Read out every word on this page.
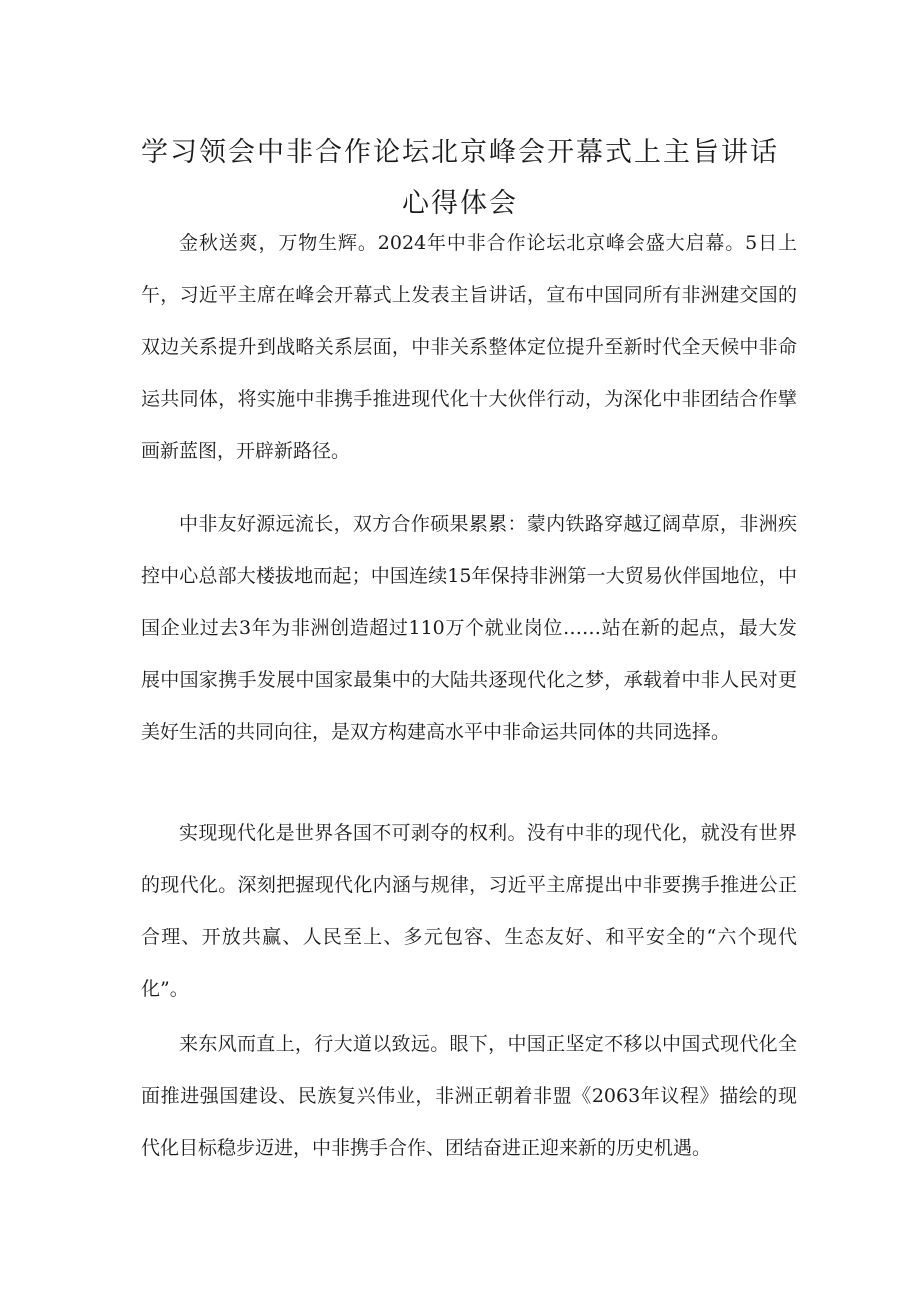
学习领会中非合作论坛北京峰会开幕式上主旨讲话
心得体会

金秋送爽，万物生辉。2024年中非合作论坛北京峰会盛大启幕。5日上午，习近平主席在峰会开幕式上发表主旨讲话，宣布中国同所有非洲建交国的双边关系提升到战略关系层面，中非关系整体定位提升至新时代全天候中非命运共同体，将实施中非携手推进现代化十大伙伴行动，为深化中非团结合作擘画新蓝图，开辟新路径。

中非友好源远流长，双方合作硕果累累：蒙内铁路穿越辽阔草原，非洲疾控中心总部大楼拔地而起；中国连续15年保持非洲第一大贸易伙伴国地位，中国企业过去3年为非洲创造超过110万个就业岗位……站在新的起点，最大发展中国家携手发展中国家最集中的大陆共逐现代化之梦，承载着中非人民对更美好生活的共同向往，是双方构建高水平中非命运共同体的共同选择。

实现现代化是世界各国不可剥夺的权利。没有中非的现代化，就没有世界的现代化。深刻把握现代化内涵与规律，习近平主席提出中非要携手推进公正合理、开放共赢、人民至上、多元包容、生态友好、和平安全的“六个现代化”。

来东风而直上，行大道以致远。眼下，中国正坚定不移以中国式现代化全面推进强国建设、民族复兴伟业，非洲正朝着非盟《2063年议程》描绘的现代化目标稳步迈进，中非携手合作、团结奋进正迎来新的历史机遇。
